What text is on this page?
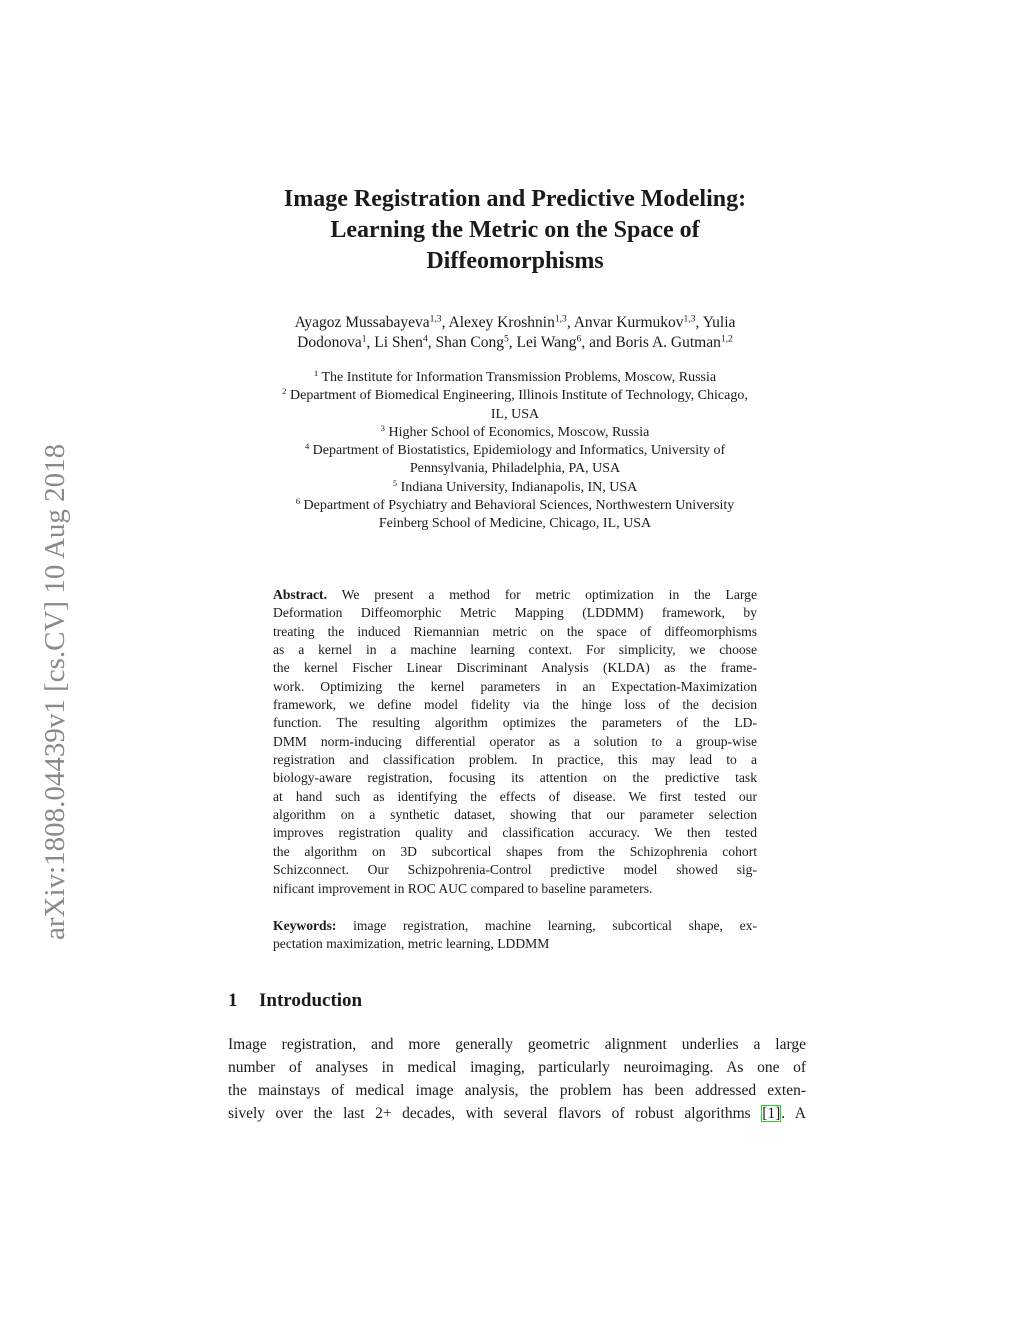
arXiv:1808.04439v1 [cs.CV] 10 Aug 2018
Image Registration and Predictive Modeling:
Learning the Metric on the Space of
Diffeomorphisms
Ayagoz Mussabayeva$^{1,3}$, Alexey Kroshnin$^{1,3}$, Anvar Kurmukov$^{1,3}$, Yulia
Dodonova$^1$, Li Shen$^4$, Shan Cong$^5$, Lei Wang$^6$, and Boris A. Gutman$^{1,2}$
$^1$ The Institute for Information Transmission Problems, Moscow, Russia
$^2$ Department of Biomedical Engineering, Illinois Institute of Technology, Chicago,
IL, USA
$^3$ Higher School of Economics, Moscow, Russia
$^4$ Department of Biostatistics, Epidemiology and Informatics, University of
Pennsylvania, Philadelphia, PA, USA
$^5$ Indiana University, Indianapolis, IN, USA
$^6$ Department of Psychiatry and Behavioral Sciences, Northwestern University
Feinberg School of Medicine, Chicago, IL, USA
Abstract. We present a method for metric optimization in the Large
Deformation Diffeomorphic Metric Mapping (LDDMM) framework, by
treating the induced Riemannian metric on the space of diffeomorphisms
as a kernel in a machine learning context. For simplicity, we choose
the kernel Fischer Linear Discriminant Analysis (KLDA) as the frame-
work. Optimizing the kernel parameters in an Expectation-Maximization
framework, we define model fidelity via the hinge loss of the decision
function. The resulting algorithm optimizes the parameters of the LD-
DMM norm-inducing differential operator as a solution to a group-wise
registration and classification problem. In practice, this may lead to a
biology-aware registration, focusing its attention on the predictive task
at hand such as identifying the effects of disease. We first tested our
algorithm on a synthetic dataset, showing that our parameter selection
improves registration quality and classification accuracy. We then tested
the algorithm on 3D subcortical shapes from the Schizophrenia cohort
Schizconnect. Our Schizpohrenia-Control predictive model showed sig-
nificant improvement in ROC AUC compared to baseline parameters.
Keywords: image registration, machine learning, subcortical shape, ex-
pectation maximization, metric learning, LDDMM
1 Introduction
Image registration, and more generally geometric alignment underlies a large
number of analyses in medical imaging, particularly neuroimaging. As one of
the mainstays of medical image analysis, the problem has been addressed exten-
sively over the last 2+ decades, with several flavors of robust algorithms [1]. A
